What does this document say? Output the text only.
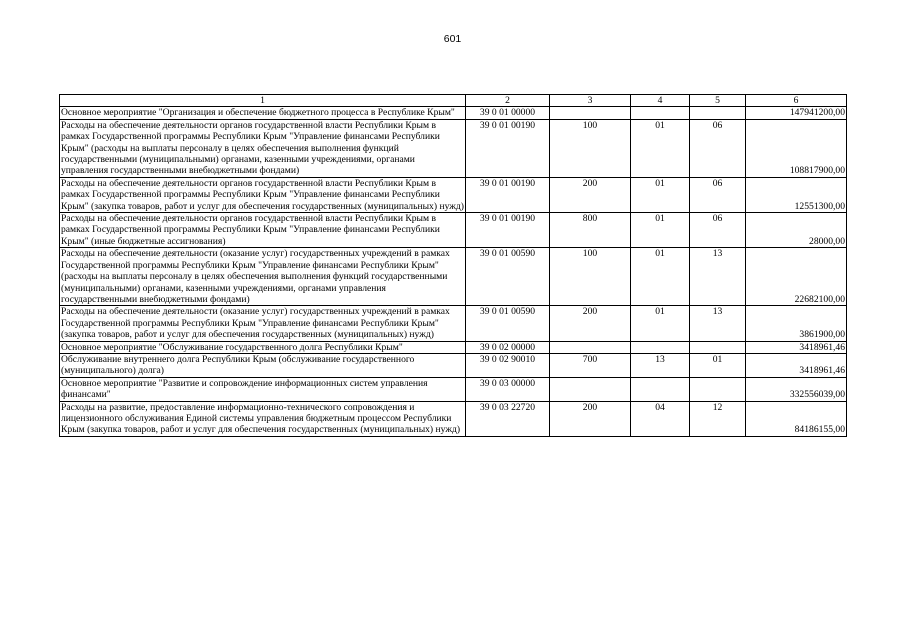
601
1	2	3	4	5	6
Основное мероприятие "Организация и обеспечение бюджетного процесса в Республике Крым"	39 0 01 00000				147941200,00
Расходы на обеспечение деятельности органов государственной власти Республики Крым в рамках Государственной программы Республики Крым "Управление финансами Республики Крым" (расходы на выплаты персоналу в целях обеспечения выполнения функций государственными (муниципальными) органами, казенными учреждениями, органами управления государственными внебюджетными фондами)	39 0 01 00190	100	01	06	108817900,00
Расходы на обеспечение деятельности органов государственной власти Республики Крым в рамках Государственной программы Республики Крым "Управление финансами Республики Крым" (закупка товаров, работ и услуг для обеспечения государственных (муниципальных) нужд)	39 0 01 00190	200	01	06	12551300,00
Расходы на обеспечение деятельности органов государственной власти Республики Крым в рамках Государственной программы Республики Крым "Управление финансами Республики Крым" (иные бюджетные ассигнования)	39 0 01 00190	800	01	06	28000,00
Расходы на обеспечение деятельности (оказание услуг) государственных учреждений в рамках Государственной программы Республики Крым "Управление финансами Республики Крым" (расходы на выплаты персоналу в целях обеспечения выполнения функций государственными (муниципальными) органами, казенными учреждениями, органами управления государственными внебюджетными фондами)	39 0 01 00590	100	01	13	22682100,00
Расходы на обеспечение деятельности (оказание услуг) государственных учреждений в рамках Государственной программы Республики Крым "Управление финансами Республики Крым" (закупка товаров, работ и услуг для обеспечения государственных (муниципальных) нужд)	39 0 01 00590	200	01	13	3861900,00
Основное мероприятие "Обслуживание государственного долга Республики Крым"	39 0 02 00000				3418961,46
Обслуживание внутреннего долга Республики Крым (обслуживание государственного (муниципального) долга)	39 0 02 90010	700	13	01	3418961,46
Основное мероприятие "Развитие и сопровождение информационных систем управления финансами"	39 0 03 00000				332556039,00
Расходы на развитие, предоставление информационно-технического сопровождения и лицензионного обслуживания Единой системы управления бюджетным процессом Республики Крым (закупка товаров, работ и услуг для обеспечения государственных (муниципальных) нужд)	39 0 03 22720	200	04	12	84186155,00
